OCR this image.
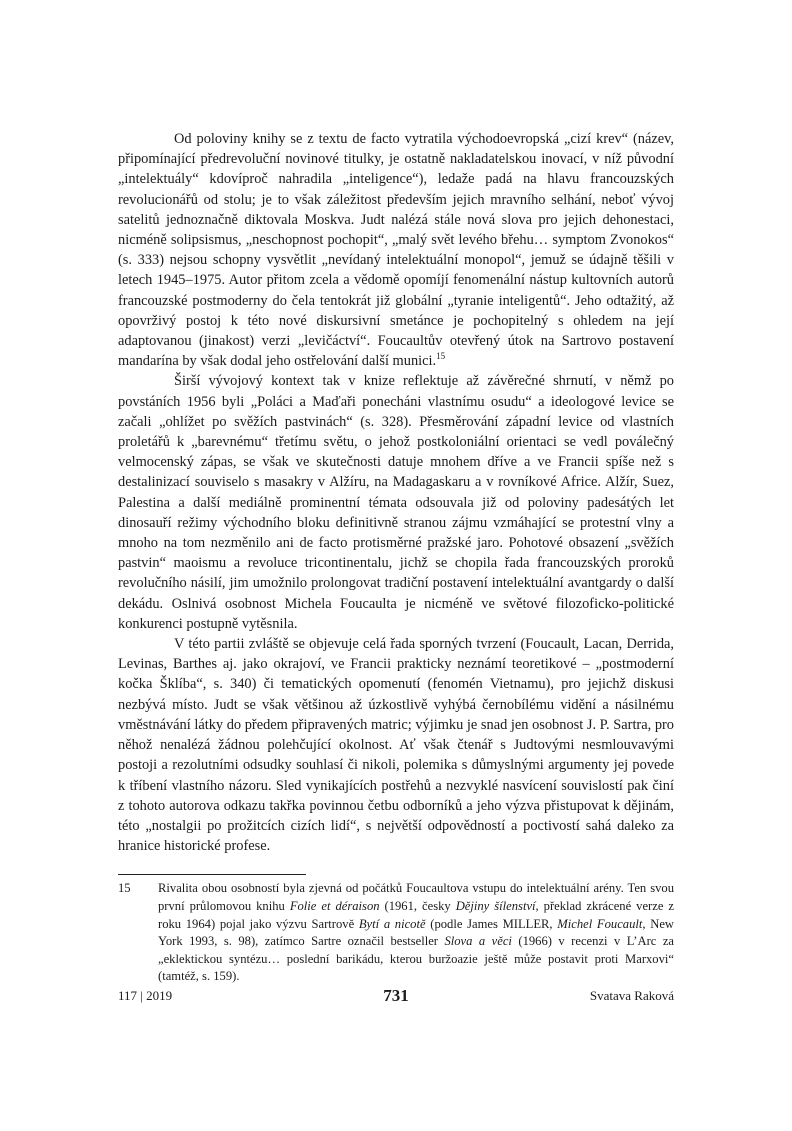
Od poloviny knihy se z textu de facto vytratila východoevropská „cizí krev“ (název, připomínající předrevoluční novinové titulky, je ostatně nakladatelskou inovací, v níž původní „intelektuály“ kdovíproč nahradila „inteligence“), ledaže padá na hlavu francouzských revolucionářů od stolu; je to však záležitost především jejich mravního selhání, neboť vývoj satelitů jednoznačně diktovala Moskva. Judt nalézá stále nová slova pro jejich dehonestaci, nicméně solipsismus, „neschopnost pochopit“, „malý svět levého břehu… symptom Zvonokos“ (s. 333) nejsou schopny vysvětlit „nevídaný intelektuální monopol“, jemuž se údajně těšili v letech 1945–1975. Autor přitom zcela a vědomě opomíjí fenomenální nástup kultovních autorů francouzské postmoderny do čela tentokrát již globální „tyranie inteligentů“. Jeho odtažitý, až opovrživý postoj k této nové diskursivní smetánce je pochopitelný s ohledem na její adaptovanou (jinakost) verzi „levičáctví“. Foucaultův otevřený útok na Sartrovo postavení mandarína by však dodal jeho ostřelování další munici.$^{15}$

Širší vývojový kontext tak v knize reflektuje až závěrečné shrnutí, v němž po povstáních 1956 byli „Poláci a Maďaři ponecháni vlastnímu osudu“ a ideologové levice se začali „ohlížet po svěžích pastvinách“ (s. 328). Přesměrování západní levice od vlastních proletářů k „barevnému“ třetímu světu, o jehož postkoloniální orientaci se vedl poválečný velmocenský zápas, se však ve skutečnosti datuje mnohem dříve a ve Francii spíše než s destalinizací souviselo s masakry v Alžíru, na Madagaskaru a v rovníkové Africe. Alžír, Suez, Palestina a další mediálně prominentní témata odsouvala již od poloviny padesátých let dinosauří režimy východního bloku definitivně stranou zájmu vzmáhající se protestní vlny a mnoho na tom nezměnilo ani de facto protisměrné pražské jaro. Pohotové obsazení „svěžích pastvin“ maoismu a revoluce tricontinentalu, jichž se chopila řada francouzských proroků revolučního násilí, jim umožnilo prolongovat tradiční postavení intelektuální avantgardy o další dekádu. Oslnivá osobnost Michela Foucaulta je nicméně ve světové filozoficko-politické konkurenci postupně vytěsnila.

V této partii zvláště se objevuje celá řada sporných tvrzení (Foucault, Lacan, Derrida, Levinas, Barthes aj. jako okrajoví, ve Francii prakticky neznámí teoretikové – „postmoderní kočka Šklíba“, s. 340) či tematických opomenutí (fenomén Vietnamu), pro jejichž diskusi nezbývá místo. Judt se však většinou až úzkostlivě vyhýbá černobílému vidění a násilnému vměstnávání látky do předem připravených matric; výjimku je snad jen osobnost J. P. Sartra, pro něhož nenalézá žádnou polehčující okolnost. Ať však čtenář s Judtovými nesmlouvavými postoji a rezolutními odsudky souhlasí či nikoli, polemika s důmyslnými argumenty jej povede k tříbení vlastního názoru. Sled vynikajících postřehů a nezvyklé nasvícení souvislostí pak činí z tohoto autorova odkazu takřka povinnou četbu odborníků a jeho výzva přistupovat k dějinám, této „nostalgii po prožitcích cizích lidí“, s největší odpovědností a poctivostí sahá daleko za hranice historické profese.

15	Rivalita obou osobností byla zjevná od počátků Foucaultova vstupu do intelektuální arény. Ten svou první průlomovou knihu Folie et déraison (1961, česky Dějiny šílenství, překlad zkrácené verze z roku 1964) pojal jako výzvu Sartrově Bytí a nicotě (podle James MILLER, Michel Foucault, New York 1993, s. 98), zatímco Sartre označil bestseller Slova a věci (1966) v recenzi v L’Arc za „eklektickou syntézu… poslední barikádu, kterou buržoazie ještě může postavit proti Marxovi“ (tamtéž, s. 159).
117 | 2019	731	Svatava Raková
